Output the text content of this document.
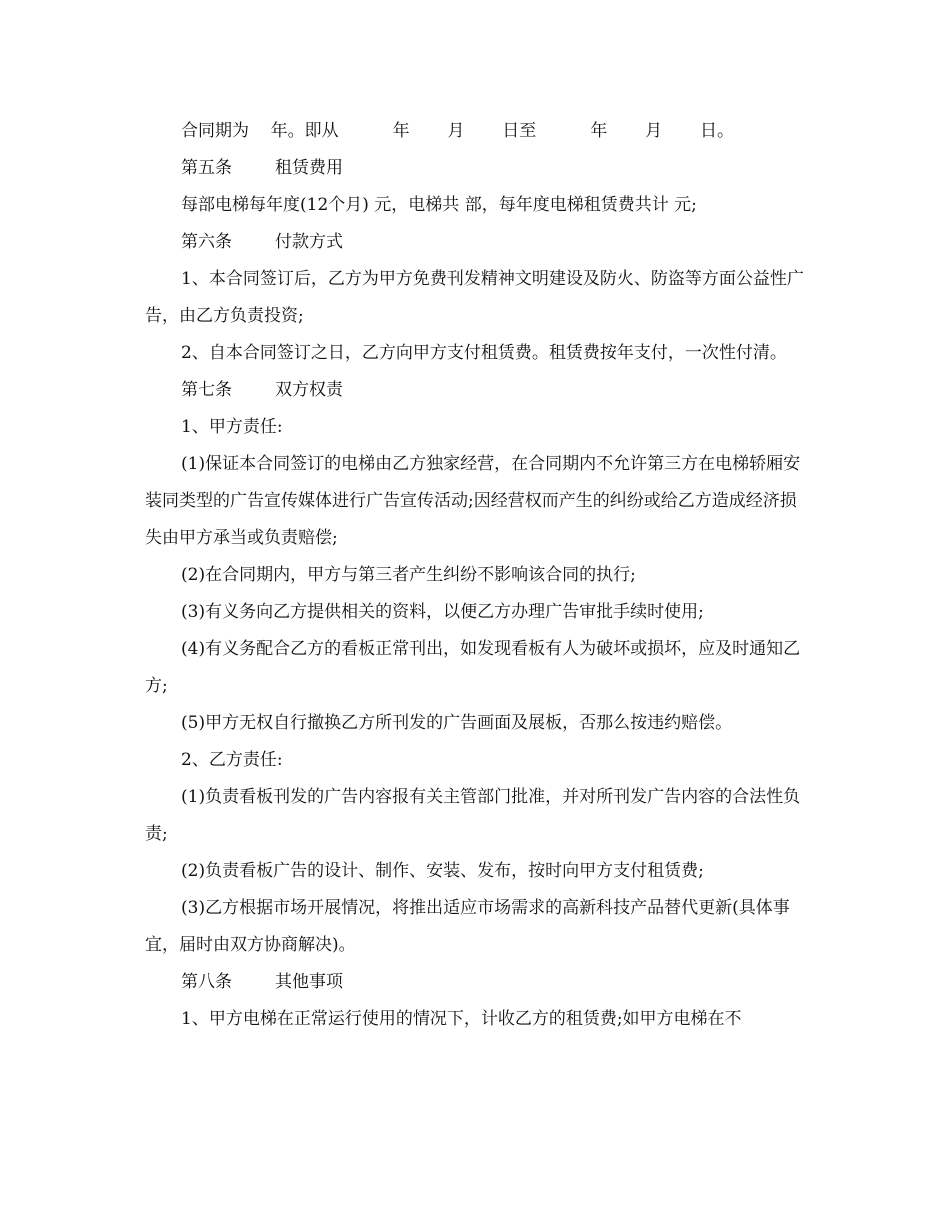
合同期为    年。即从          年       月       日至          年       月       日。

第五条	租赁费用

每部电梯每年度(12个月) 元，电梯共 部，每年度电梯租赁费共计 元;

第六条	付款方式

1、本合同签订后，乙方为甲方免费刊发精神文明建设及防火、防盗等方面公益性广告，由乙方负责投资;

2、自本合同签订之日，乙方向甲方支付租赁费。租赁费按年支付，一次性付清。

第七条	双方权责

1、甲方责任:

(1)保证本合同签订的电梯由乙方独家经营，在合同期内不允许第三方在电梯轿厢安装同类型的广告宣传媒体进行广告宣传活动;因经营权而产生的纠纷或给乙方造成经济损失由甲方承当或负责赔偿;

(2)在合同期内，甲方与第三者产生纠纷不影响该合同的执行;

(3)有义务向乙方提供相关的资料，以便乙方办理广告审批手续时使用;

(4)有义务配合乙方的看板正常刊出，如发现看板有人为破坏或损坏，应及时通知乙方;

(5)甲方无权自行撤换乙方所刊发的广告画面及展板，否那么按违约赔偿。

2、乙方责任:

(1)负责看板刊发的广告内容报有关主管部门批准，并对所刊发广告内容的合法性负责;

(2)负责看板广告的设计、制作、安装、发布，按时向甲方支付租赁费;

(3)乙方根据市场开展情况，将推出适应市场需求的高新科技产品替代更新(具体事宜，届时由双方协商解决)。

第八条	其他事项

1、甲方电梯在正常运行使用的情况下，计收乙方的租赁费;如甲方电梯在不
